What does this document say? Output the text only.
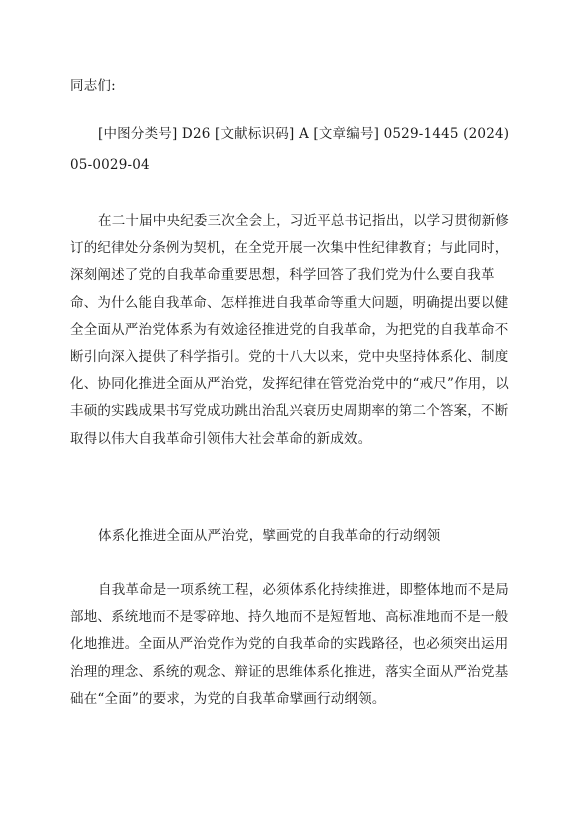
同志们:
[中图分类号] D26 [文献标识码] A [文章编号] 0529-1445 (2024)
05-0029-04
在二十届中央纪委三次全会上，习近平总书记指出，以学习贯彻新修订的纪律处分条例为契机，在全党开展一次集中性纪律教育；与此同时，深刻阐述了党的自我革命重要思想，科学回答了我们党为什么要自我革命、为什么能自我革命、怎样推进自我革命等重大问题，明确提出要以健全全面从严治党体系为有效途径推进党的自我革命，为把党的自我革命不断引向深入提供了科学指引。党的十八大以来，党中央坚持体系化、制度化、协同化推进全面从严治党，发挥纪律在管党治党中的“戒尺”作用，以丰硕的实践成果书写党成功跳出治乱兴衰历史周期率的第二个答案，不断取得以伟大自我革命引领伟大社会革命的新成效。
体系化推进全面从严治党，擘画党的自我革命的行动纲领
自我革命是一项系统工程，必须体系化持续推进，即整体地而不是局部地、系统地而不是零碎地、持久地而不是短暂地、高标准地而不是一般化地推进。全面从严治党作为党的自我革命的实践路径，也必须突出运用治理的理念、系统的观念、辩证的思维体系化推进，落实全面从严治党基础在“全面”的要求，为党的自我革命擘画行动纲领。
